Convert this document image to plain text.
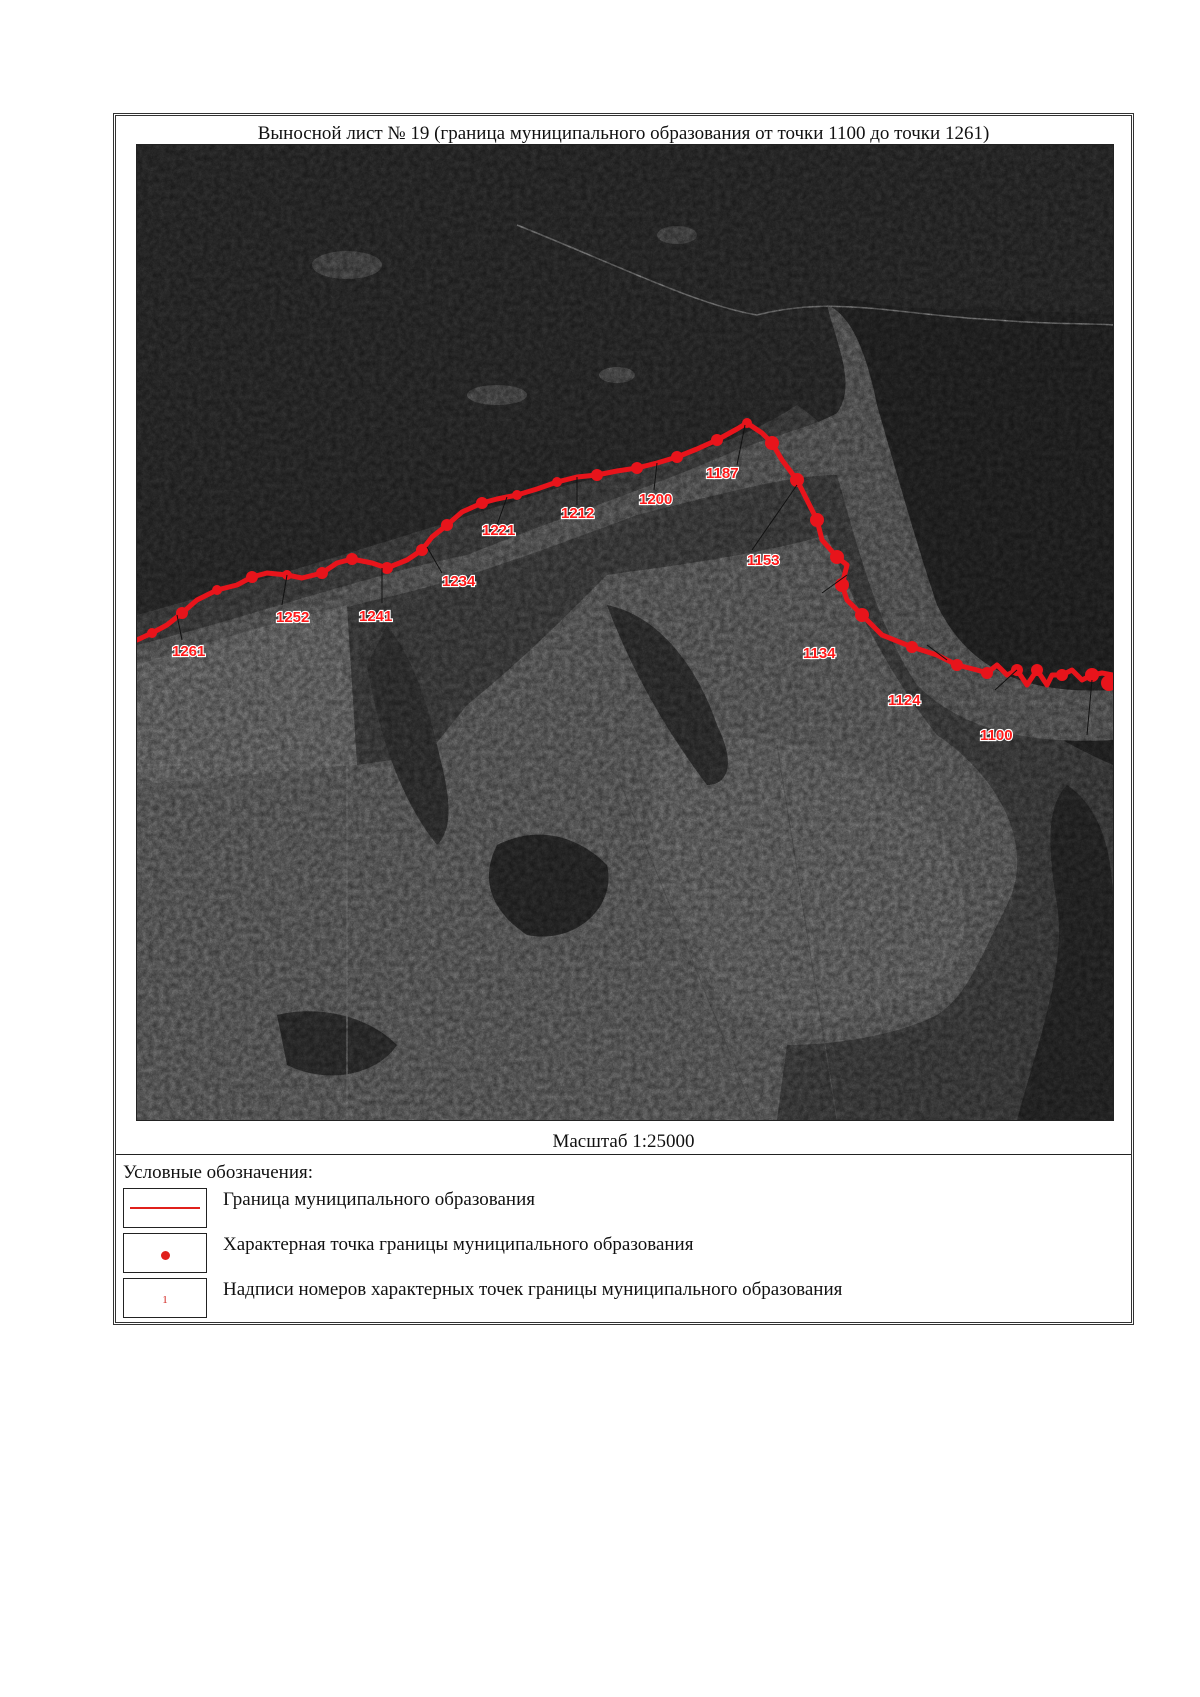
Выносной лист № 19 (граница муниципального образования от точки 1100 до точки 1261)
1100
1124
1134
1153
1187
1200
1212
1221
1234
1241
1252
1261
Масштаб 1:25000
Условные обозначения:
Граница муниципального образования
Характерная точка границы муниципального образования
1	Надписи номеров характерных точек границы муниципального образования
